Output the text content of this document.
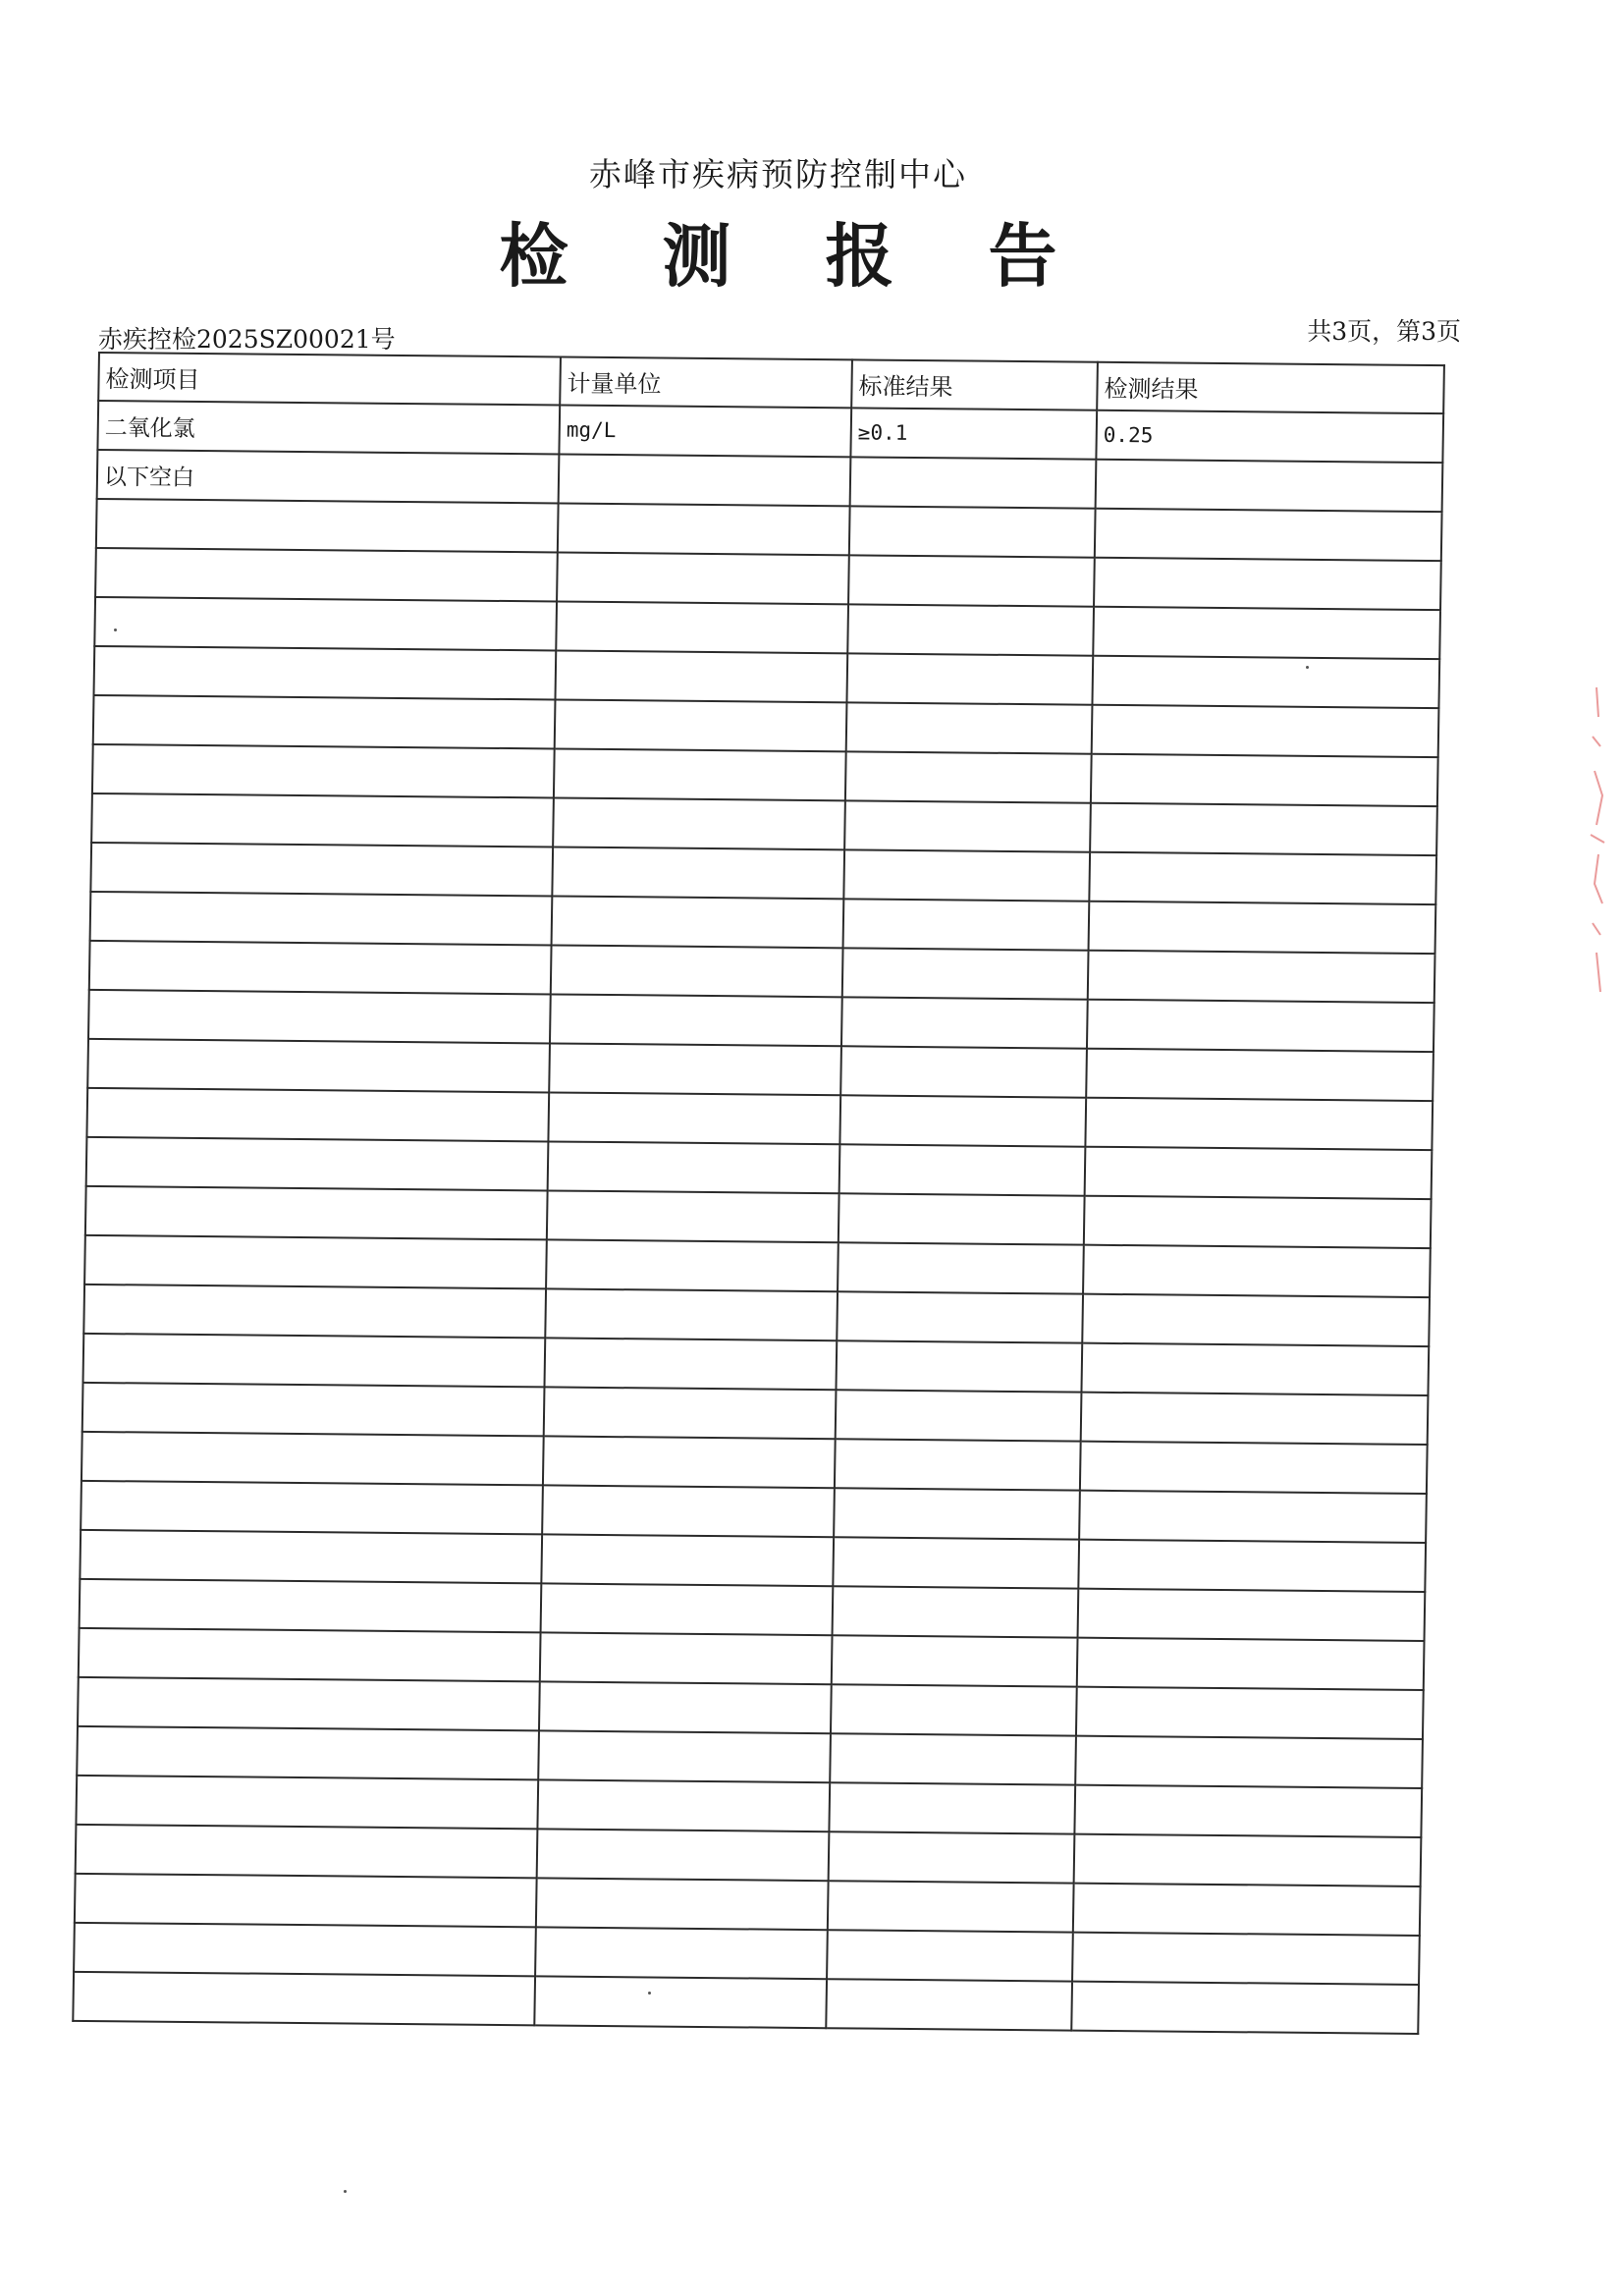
赤峰市疾病预防控制中心
检测报告
赤疾控检2025SZ00021号	共3页，第3页
检测项目	计量单位	标准结果	检测结果
二氧化氯	mg/L	≥0.1	0.25
以下空白			
